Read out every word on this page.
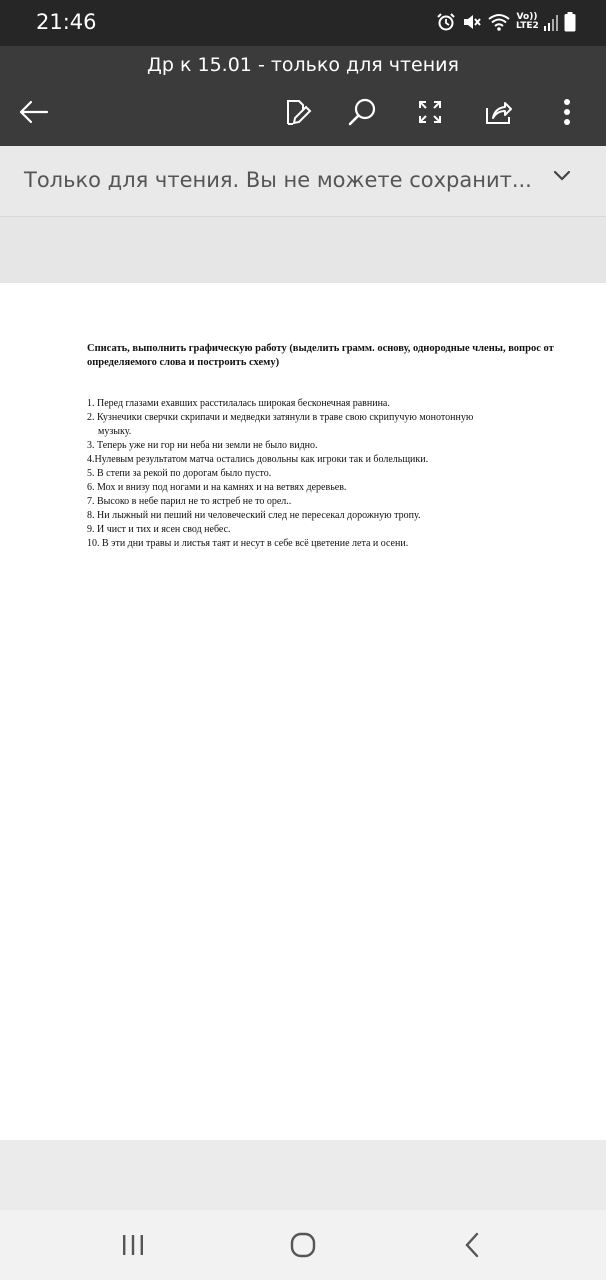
21:46	Vo))
LTE2
Др к 15.01 - только для чтения
Только для чтения. Вы не можете сохранит...

Списать, выполнить графическую работу (выделить грамм. основу, однородные члены, вопрос от определяемого слова и построить схему)

1. Перед глазами ехавших расстилалась широкая бесконечная равнина.

2. Кузнечики сверчки скрипачи и медведки затянули в траве свою скрипучую монотонную

музыку.

3. Теперь уже ни гор ни неба ни земли не было видно.

4.Нулевым результатом матча остались довольны как игроки так и болельщики.

5. В степи за рекой по дорогам было пусто.

6. Мох и внизу под ногами и на камнях и на ветвях деревьев.

7. Высоко в небе парил не то ястреб не то орел..

8. Ни лыжный ни пеший ни человеческий след не пересекал дорожную тропу.

9. И чист и тих и ясен свод небес.

10. В эти дни травы и листья таят и несут в себе всё цветение лета и осени.
